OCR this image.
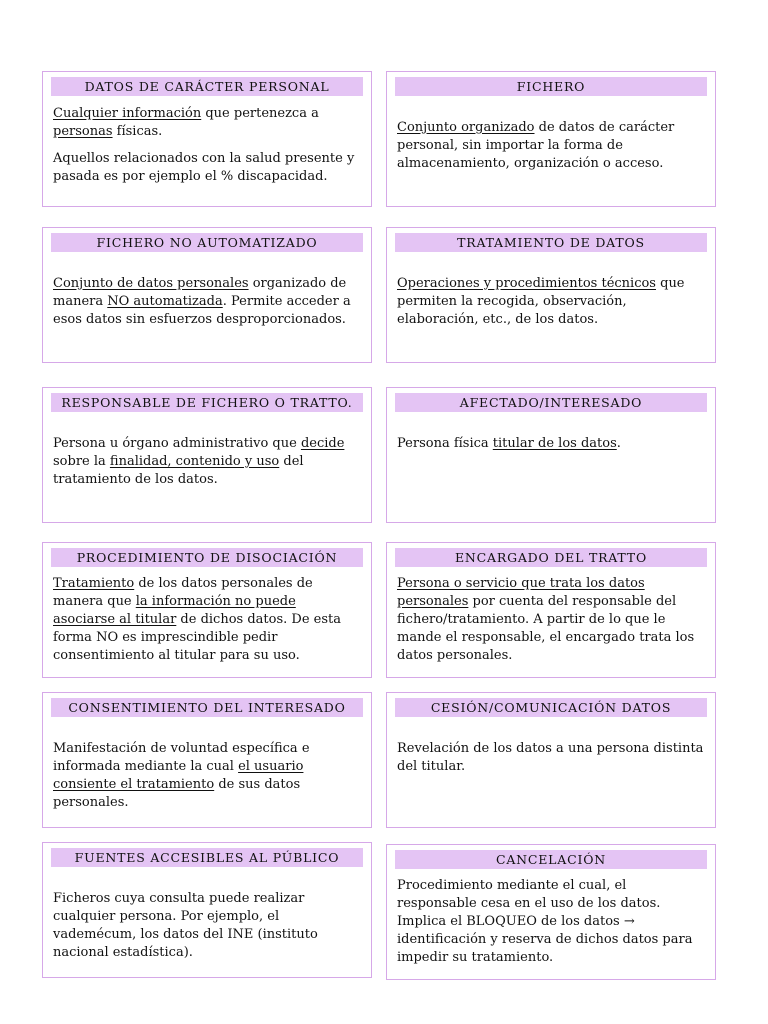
DATOS DE CARÁCTER PERSONAL

Cualquier información que pertenezca a personas físicas.

Aquellos relacionados con la salud presente y pasada es por ejemplo el % discapacidad.

FICHERO

Conjunto organizado de datos de carácter personal, sin importar la forma de almacenamiento, organización o acceso.

FICHERO NO AUTOMATIZADO

Conjunto de datos personales organizado de manera NO automatizada. Permite acceder a esos datos sin esfuerzos desproporcionados.

TRATAMIENTO DE DATOS

Operaciones y procedimientos técnicos que permiten la recogida, observación, elaboración, etc., de los datos.

RESPONSABLE DE FICHERO O TRATTO.

Persona u órgano administrativo que decide sobre la finalidad, contenido y uso del tratamiento de los datos.

AFECTADO/INTERESADO

Persona física titular de los datos.

PROCEDIMIENTO DE DISOCIACIÓN

Tratamiento de los datos personales de manera que la información no puede asociarse al titular de dichos datos. De esta forma NO es imprescindible pedir consentimiento al titular para su uso.

ENCARGADO DEL TRATTO

Persona o servicio que trata los datos personales por cuenta del responsable del fichero/tratamiento. A partir de lo que le mande el responsable, el encargado trata los datos personales.

CONSENTIMIENTO DEL INTERESADO

Manifestación de voluntad específica e informada mediante la cual el usuario consiente el tratamiento de sus datos personales.

CESIÓN/COMUNICACIÓN DATOS

Revelación de los datos a una persona distinta del titular.

FUENTES ACCESIBLES AL PÚBLICO

Ficheros cuya consulta puede realizar cualquier persona. Por ejemplo, el vademécum, los datos del INE (instituto nacional estadística).

CANCELACIÓN

Procedimiento mediante el cual, el responsable cesa en el uso de los datos. Implica el BLOQUEO de los datos → identificación y reserva de dichos datos para impedir su tratamiento.
